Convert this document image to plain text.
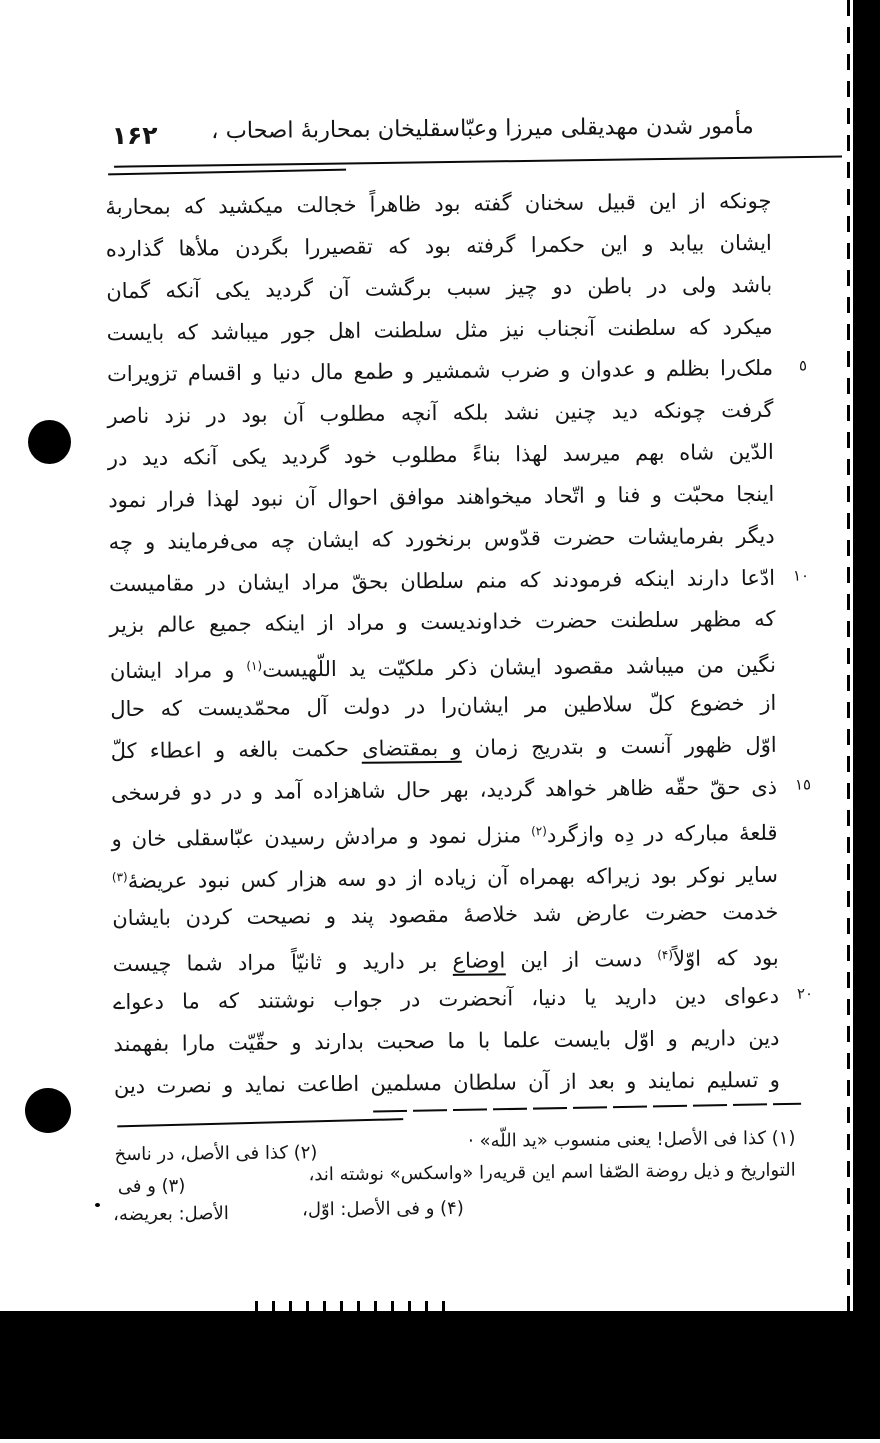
۱۶۲ مأمور شدن مهدیقلی میرزا وعبّاسقلیخان بمحاربهٔ اصحاب ،
چونکه از این قبیل سخنان گفته بود ظاهراً خجالت میکشید که بمحاربهٔ
ایشان بیابد و این حکمرا گرفته بود که تقصیررا بگردن ملأها گذارده
باشد ولی در باطن دو چیز سبب برگشت آن گردید یکی آنکه گمان
میکرد که سلطنت آنجناب نیز مثل سلطنت اهل جور میباشد که بایست
ملک‌را بظلم و عدوان و ضرب شمشیر و طمع مال دنیا و اقسام تزویرات
گرفت چونکه دید چنین نشد بلکه آنچه مطلوب آن بود در نزد ناصر
الدّین شاه بهم میرسد لهذا بناءً مطلوب خود گردید یکی آنکه دید در
اینجا محبّت و فنا و اتّحاد میخواهند موافق احوال آن نبود لهذا فرار نمود
دیگر بفرمایشات حضرت قدّوس برنخورد که ایشان چه می‌فرمایند و چه
ادّعا دارند اینکه فرمودند که منم سلطان بحقّ مراد ایشان در مقامیست
که مظهر سلطنت حضرت خداوندیست و مراد از اینکه جمیع عالم بزیر
نگین من میباشد مقصود ایشان ذکر ملکیّت ید اللّهیست$^{(۱)}$ و مراد ایشان
از خضوع کلّ سلاطین مر ایشان‌را در دولت آل محمّدیست که حال
اوّل ظهور آنست و بتدریج زمان و بمقتضای حکمت بالغه و اعطاء کلّ
ذی حقّ حقّه ظاهر خواهد گردید، بهر حال شاهزاده آمد و در دو فرسخی
قلعهٔ مبارکه در دِه وازگرد$^{(۲)}$ منزل نمود و مرادش رسیدن عبّاسقلی خان و
سایر نوکر بود زیراکه بهمراه آن زیاده از دو سه هزار کس نبود عریضهٔ$^{(۳)}$
خدمت حضرت عارض شد خلاصهٔ مقصود پند و نصیحت کردن بایشان
بود که اوّلاً$^{(۴)}$ دست از این اوضاع بر دارید و ثانیّاً مراد شما چیست
دعوای دین دارید یا دنیا، آنحضرت در جواب نوشتند که ما دعواے
دین داریم و اوّل بایست علما با ما صحبت بدارند و حقّیّت مارا بفهمند
و تسلیم نمایند و بعد از آن سلطان مسلمین اطاعت نماید و نصرت دین
٥
١٠
١٥
٢٠
(۱) کذا فی الأصل! یعنی منسوب «ید اللّه» ·
(۲) کذا فی الأصل، در ناسخ
التواریخ و ذیل روضة الصّفا اسم این قریه‌را «واسکس» نوشته اند،
(۳) و فی
الأصل: بعریضه،	(۴) و فی الأصل: اوّل،
